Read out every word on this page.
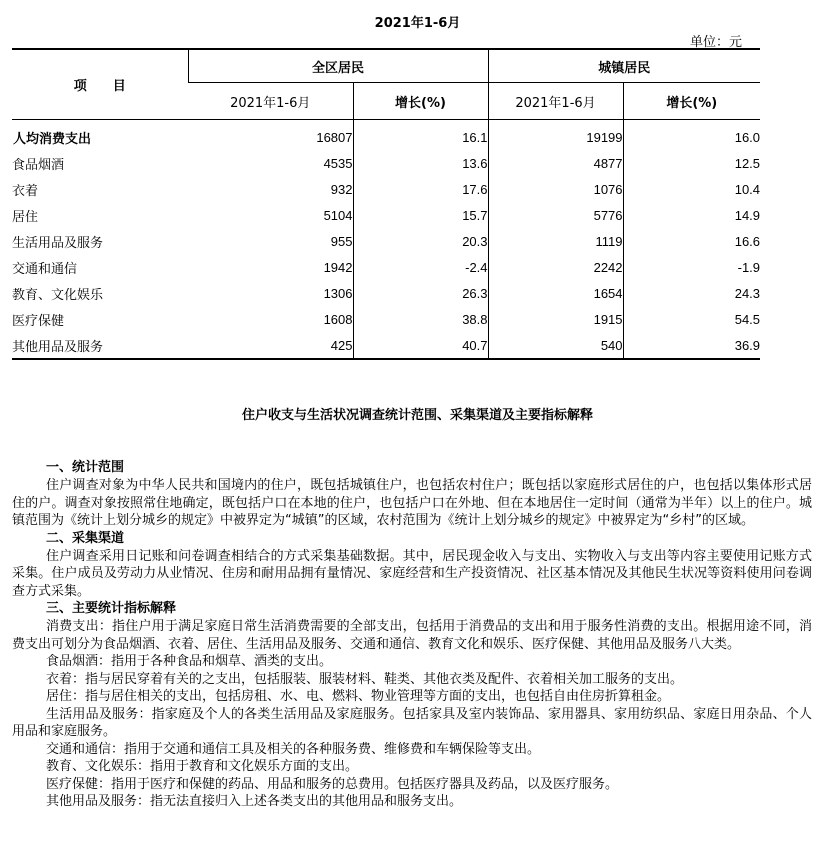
2021年1-6月
单位：元
项　　目	全区居民		城镇居民	
	2021年1-6月	增长(%)	2021年1-6月	增长(%)
人均消费支出	16807	16.1	19199	16.0
食品烟酒	4535	13.6	4877	12.5
衣着	932	17.6	1076	10.4
居住	5104	15.7	5776	14.9
生活用品及服务	955	20.3	1119	16.6
交通和通信	1942	-2.4	2242	-1.9
教育、文化娱乐	1306	26.3	1654	24.3
医疗保健	1608	38.8	1915	54.5
其他用品及服务	425	40.7	540	36.9
住户收支与生活状况调查统计范围、采集渠道及主要指标解释
一、统计范围

住户调查对象为中华人民共和国境内的住户，既包括城镇住户，也包括农村住户；既包括以家庭形式居住的户，也包括以集体形式居住的户。调查对象按照常住地确定，既包括户口在本地的住户，也包括户口在外地、但在本地居住一定时间（通常为半年）以上的住户。城镇范围为《统计上划分城乡的规定》中被界定为“城镇”的区域，农村范围为《统计上划分城乡的规定》中被界定为“乡村”的区域。

二、采集渠道

住户调查采用日记账和问卷调查相结合的方式采集基础数据。其中，居民现金收入与支出、实物收入与支出等内容主要使用记账方式采集。住户成员及劳动力从业情况、住房和耐用品拥有量情况、家庭经营和生产投资情况、社区基本情况及其他民生状况等资料使用问卷调查方式采集。

三、主要统计指标解释

消费支出：指住户用于满足家庭日常生活消费需要的全部支出，包括用于消费品的支出和用于服务性消费的支出。根据用途不同，消费支出可划分为食品烟酒、衣着、居住、生活用品及服务、交通和通信、教育文化和娱乐、医疗保健、其他用品及服务八大类。

食品烟酒：指用于各种食品和烟草、酒类的支出。

衣着：指与居民穿着有关的之支出，包括服装、服装材料、鞋类、其他衣类及配件、衣着相关加工服务的支出。

居住：指与居住相关的支出，包括房租、水、电、燃料、物业管理等方面的支出，也包括自由住房折算租金。

生活用品及服务：指家庭及个人的各类生活用品及家庭服务。包括家具及室内装饰品、家用器具、家用纺织品、家庭日用杂品、个人用品和家庭服务。

交通和通信：指用于交通和通信工具及相关的各种服务费、维修费和车辆保险等支出。

教育、文化娱乐：指用于教育和文化娱乐方面的支出。

医疗保健：指用于医疗和保健的药品、用品和服务的总费用。包括医疗器具及药品，以及医疗服务。

其他用品及服务：指无法直接归入上述各类支出的其他用品和服务支出。
